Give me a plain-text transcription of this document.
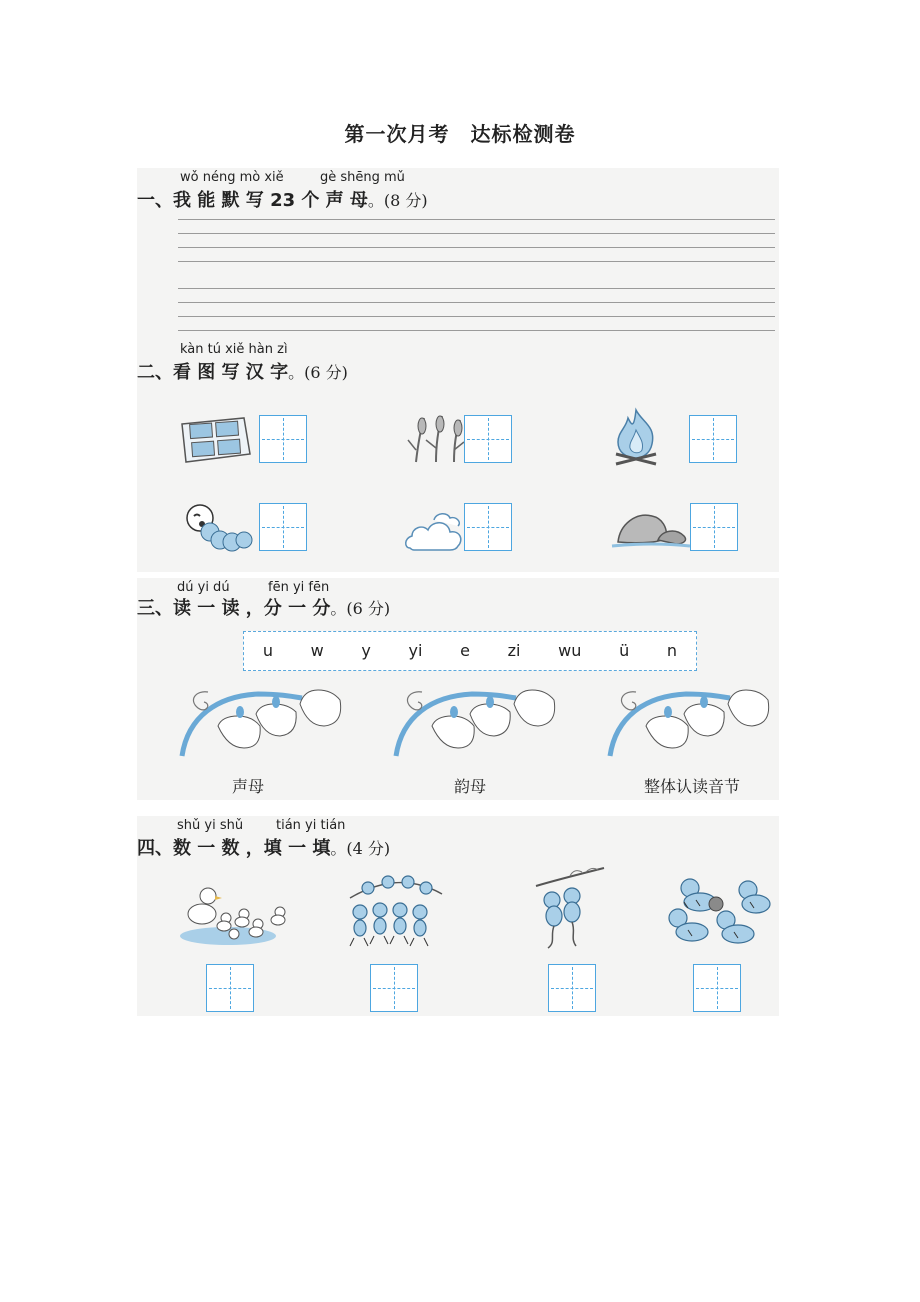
第一次月考　达标检测卷
wǒ néng mò xiě	gè shēng mǔ
一、我 能 默 写 23 个 声 母。(8 分)
kàn tú xiě hàn zì
二、看 图 写 汉 字。(6 分)
dú yi dú	fēn yi fēn
三、读 一 读 ，分 一 分。(6 分)
u w y yi e zi wu ü n
声母	韵母	整体认读音节
shǔ yi shǔ	tián yi tián
四、数 一 数 ，填 一 填。(4 分)
